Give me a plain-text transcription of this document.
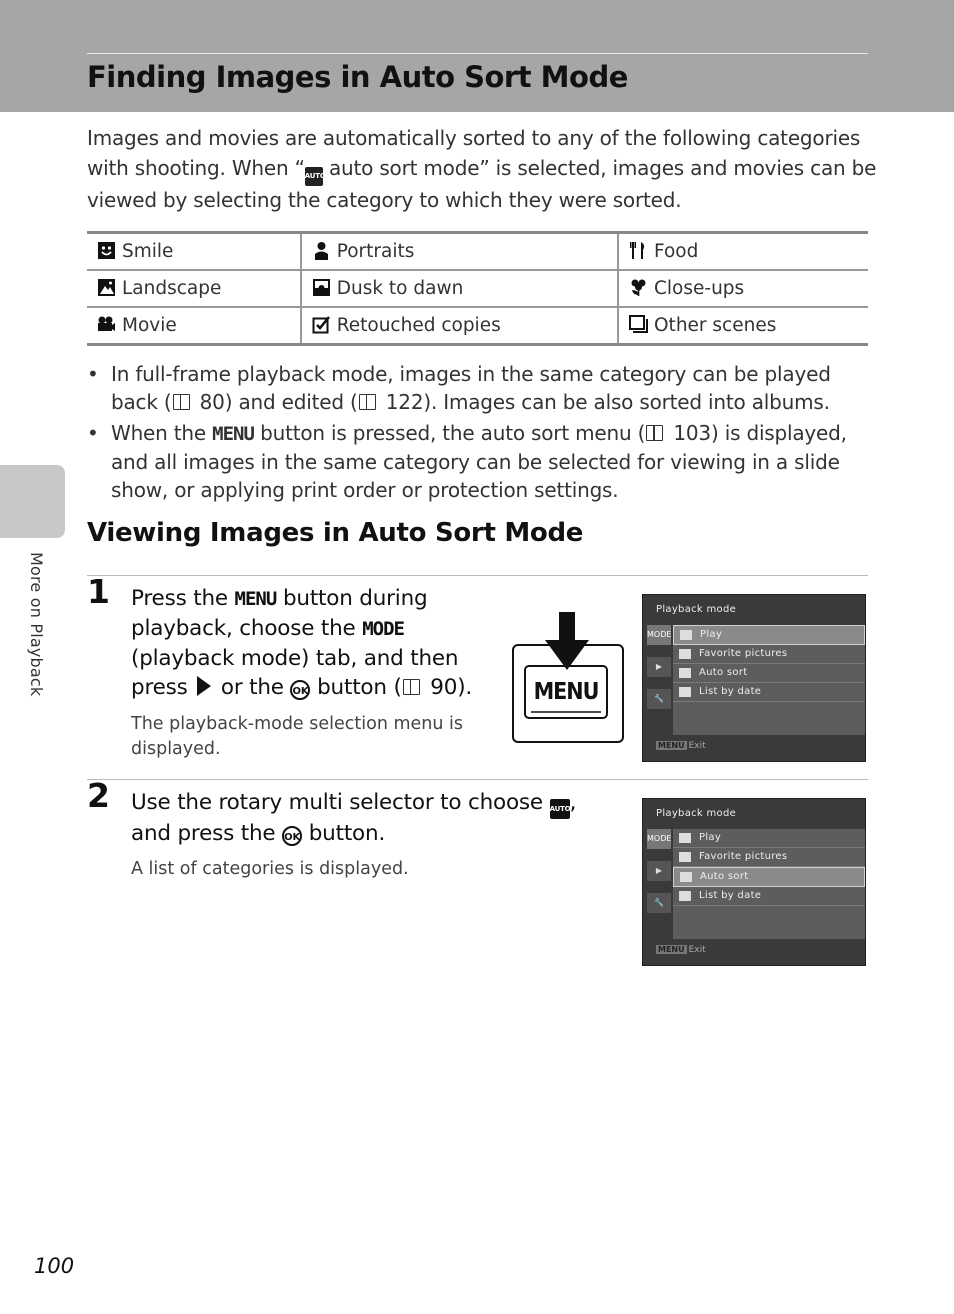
Finding Images in Auto Sort Mode
Images and movies are automatically sorted to any of the following categories with shooting. When “AUTO auto sort mode” is selected, images and movies can be viewed by selecting the category to which they were sorted.
Smile	Portraits	Food
Landscape	Dusk to dawn	Close-ups
Movie	Retouched copies	Other scenes
• In full-frame playback mode, images in the same category can be played back ( 80) and edited ( 122). Images can be also sorted into albums.
• When the MENU button is pressed, the auto sort menu ( 103) is displayed, and all images in the same category can be selected for viewing in a slide show, or applying print order or protection settings.
More on Playback
Viewing Images in Auto Sort Mode
1 Press the MENU button during playback, choose the MODE (playback mode) tab, and then press  or the OK button ( 90).
The playback-mode selection menu is displayed.
MENU
Playback mode
MODE
▶
🔧
Play
Favorite pictures
Auto sort
List by date
MENU Exit
2 Use the rotary multi selector to choose AUTO, and press the OK button.
A list of categories is displayed.
Playback mode
MODE
▶
🔧
Play
Favorite pictures
Auto sort
List by date
MENU Exit
100
